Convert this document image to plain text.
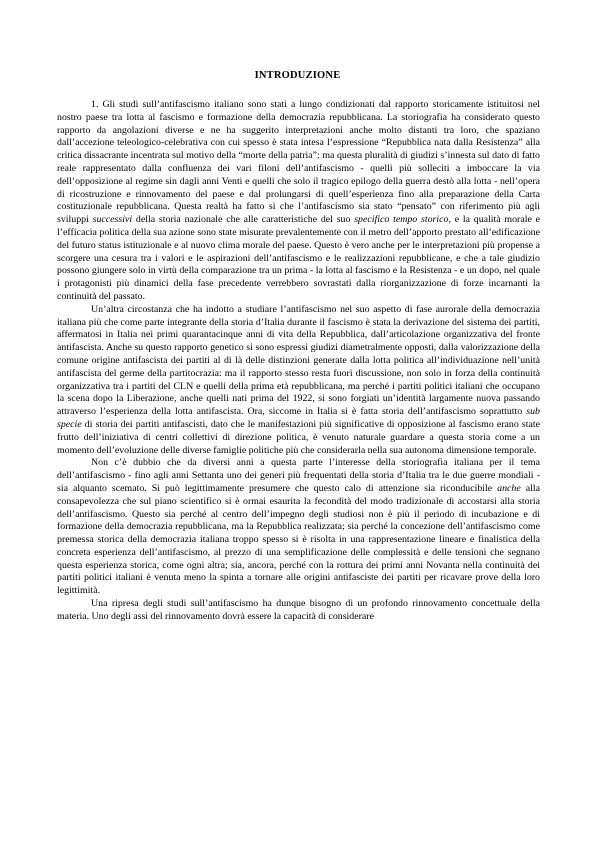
INTRODUZIONE

1. Gli studi sull’antifascismo italiano sono stati a lungo condizionati dal rapporto storicamente istituitosi nel nostro paese tra lotta al fascismo e formazione della democrazia repubblicana. La storiografia ha considerato questo rapporto da angolazioni diverse e ne ha suggerito interpretazioni anche molto distanti tra loro, che spaziano dall’accezione teleologico-celebrativa con cui spesso è stata intesa l’espressione “Repubblica nata dalla Resistenza” alla critica dissacrante incentrata sul motivo della “morte della patria”: ma questa pluralità di giudizi s’innesta sul dato di fatto reale rappresentato dalla confluenza dei vari filoni dell’antifascismo - quelli più solleciti a imboccare la via dell’opposizione al regime sin dagli anni Venti e quelli che solo il tragico epilogo della guerra destò alla lotta - nell’opera di ricostruzione e rinnovamento del paese e dal prolungarsi di quell’esperienza fino alla preparazione della Carta costituzionale repubblicana. Questa realtà ha fatto sì che l’antifascismo sia stato “pensato” con riferimento più agli sviluppi successivi della storia nazionale che alle caratteristiche del suo specifico tempo storico, e la qualità morale e l’efficacia politica della sua azione sono state misurate prevalentemente con il metro dell’apporto prestato all’edificazione del futuro status istituzionale e al nuovo clima morale del paese. Questo è vero anche per le interpretazioni più propense a scorgere una cesura tra i valori e le aspirazioni dell’antifascismo e le realizzazioni repubblicane, e che a tale giudizio possono giungere solo in virtù della comparazione tra un prima - la lotta al fascismo e la Resistenza - e un dopo, nel quale i protagonisti più dinamici della fase precedente verrebbero sovrastati dalla riorganizzazione di forze incarnanti la continuità del passato.

Un’altra circostanza che ha indotto a studiare l’antifascismo nel suo aspetto di fase aurorale della democrazia italiana più che come parte integrante della storia d’Italia durante il fascismo è stata la derivazione del sistema dei partiti, affermatosi in Italia nei primi quarantacinque anni di vita della Repubblica, dall’articolazione organizzativa del fronte antifascista. Anche su questo rapporto genetico si sono espressi giudizi diametralmente opposti, dalla valorizzazione della comune origine antifascista dei partiti al di là delle distinzioni generate dalla lotta politica all’individuazione nell’unità antifascista del germe della partitocrazia: ma il rapporto stesso resta fuori discussione, non solo in forza della continuità organizzativa tra i partiti del CLN e quelli della prima età repubblicana, ma perché i partiti politici italiani che occupano la scena dopo la Liberazione, anche quelli nati prima del 1922, si sono forgiati un’identità largamente nuova passando attraverso l’esperienza della lotta antifascista. Ora, siccome in Italia si è fatta storia dell’antifascismo soprattutto sub specie di storia dei partiti antifascisti, dato che le manifestazioni più significative di opposizione al fascismo erano state frutto dell’iniziativa di centri collettivi di direzione politica, è venuto naturale guardare a questa storia come a un momento dell’evoluzione delle diverse famiglie politiche più che considerarla nella sua autonoma dimensione temporale.

Non c’è dubbio che da diversi anni a questa parte l’interesse della storiografia italiana per il tema dell’antifascismo - fino agli anni Settanta uno dei generi più frequentati della storia d’Italia tra le due guerre mondiali - sia alquanto scemato. Si può legittimamente presumere che questo calo di attenzione sia riconducibile anche alla consapevolezza che sul piano scientifico si è ormai esaurita la fecondità del modo tradizionale di accostarsi alla storia dell’antifascismo. Questo sia perché al centro dell’impegno degli studiosi non è più il periodo di incubazione e di formazione della democrazia repubblicana, ma la Repubblica realizzata; sia perché la concezione dell’antifascismo come premessa storica della democrazia italiana troppo spesso si è risolta in una rappresentazione lineare e finalistica della concreta esperienza dell’antifascismo, al prezzo di una semplificazione delle complessità e delle tensioni che segnano questa esperienza storica, come ogni altra; sia, ancora, perché con la rottura dei primi anni Novanta nella continuità dei partiti politici italiani è venuta meno la spinta a tornare alle origini antifasciste dei partiti per ricavare prove della loro legittimità.

Una ripresa degli studi sull’antifascismo ha dunque bisogno di un profondo rinnovamento concettuale della materia. Uno degli assi del rinnovamento dovrà essere la capacità di considerare
